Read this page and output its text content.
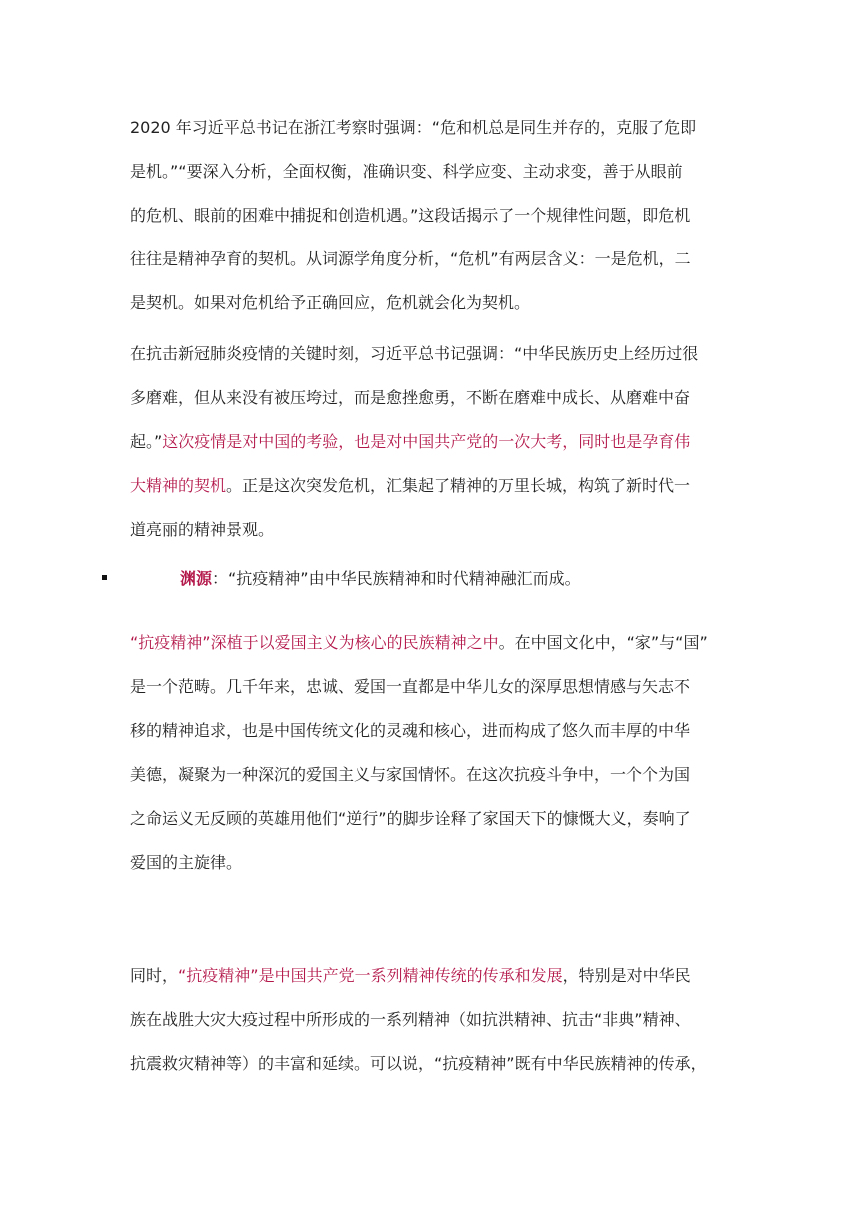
2020 年习近平总书记在浙江考察时强调：“危和机总是同生并存的，克服了危即
是机。”“要深入分析，全面权衡，准确识变、科学应变、主动求变，善于从眼前
的危机、眼前的困难中捕捉和创造机遇。”这段话揭示了一个规律性问题，即危机
往往是精神孕育的契机。从词源学角度分析，“危机”有两层含义：一是危机，二
是契机。如果对危机给予正确回应，危机就会化为契机。
在抗击新冠肺炎疫情的关键时刻，习近平总书记强调：“中华民族历史上经历过很
多磨难，但从来没有被压垮过，而是愈挫愈勇，不断在磨难中成长、从磨难中奋
起。”这次疫情是对中国的考验，也是对中国共产党的一次大考，同时也是孕育伟
大精神的契机。正是这次突发危机，汇集起了精神的万里长城，构筑了新时代一
道亮丽的精神景观。
“抗疫精神”深植于以爱国主义为核心的民族精神之中。在中国文化中，“家”与“国”
是一个范畴。几千年来，忠诚、爱国一直都是中华儿女的深厚思想情感与矢志不
移的精神追求，也是中国传统文化的灵魂和核心，进而构成了悠久而丰厚的中华
美德，凝聚为一种深沉的爱国主义与家国情怀。在这次抗疫斗争中，一个个为国
之命运义无反顾的英雄用他们“逆行”的脚步诠释了家国天下的慷慨大义，奏响了
爱国的主旋律。
同时，“抗疫精神”是中国共产党一系列精神传统的传承和发展，特别是对中华民
族在战胜大灾大疫过程中所形成的一系列精神（如抗洪精神、抗击“非典”精神、
抗震救灾精神等）的丰富和延续。可以说，“抗疫精神”既有中华民族精神的传承，
渊源：“抗疫精神”由中华民族精神和时代精神融汇而成。
